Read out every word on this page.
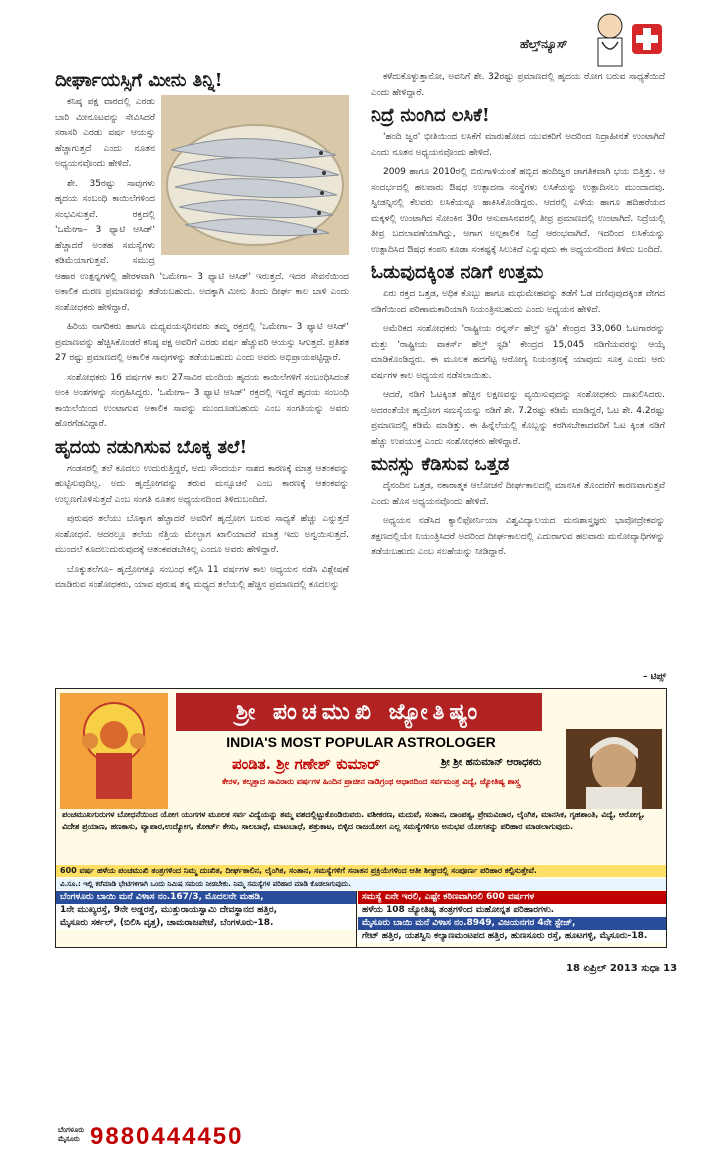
ಹೆಲ್ತ್‌ನ್ಯೂಸ್
ದೀರ್ಘಾಯಸ್ಸಿಗೆ ಮೀನು ತಿನ್ನಿ!

ಕನಿಷ್ಠ ಪಕ್ಷ ವಾರದಲ್ಲಿ ಎರಡು ಬಾರಿ ಮೀನೂಟವನ್ನು ಸೇವಿಸಿದರೆ ಸರಾಸರಿ ಎರಡು ವರ್ಷ ಆಯಸ್ಸು ಹೆಚ್ಚಾಗುತ್ತದೆ ಎಂದು ನೂತನ ಅಧ್ಯಯನವೊಂದು ಹೇಳಿದೆ.

ಶೇ. 35ರಷ್ಟು ಸಾವುಗಳು ಹೃದಯ ಸಂಬಂಧಿ ಕಾಯಿಲೆಗಳಿಂದ ಸಂಭವಿಸುತ್ತವೆ. ರಕ್ತದಲ್ಲಿ 'ಒಮೇಗಾ– 3 ಫ್ಯಾಟಿ ಆಸಿಡ್' ಹೆಚ್ಚಾದರೆ ಅಂತಹ ಸಮಸ್ಯೆಗಳು ಕಡಿಮೆಯಾಗುತ್ತವೆ. ಸಮುದ್ರ ಆಹಾರ ಉತ್ಪನ್ನಗಳಲ್ಲಿ ಹೇರಳವಾಗಿ 'ಒಮೇಗಾ– 3 ಫ್ಯಾಟಿ ಆಸಿಡ್' ಇರುತ್ತದೆ. ಇದರ ಸೇವನೆಯಿಂದ ಅಕಾಲಿಕ ಮರಣ ಪ್ರಮಾಣವನ್ನು ತಡೆಯಬಹುದು. ಅದಕ್ಕಾಗಿ ಮೀನು ತಿಂದು ದೀರ್ಘ ಕಾಲ ಬಾಳಿ ಎಂದು ಸಂಶೋಧಕರು ಹೇಳಿದ್ದಾರೆ.

ಹಿರಿಯ ನಾಗರಿಕರು ಹಾಗೂ ಮಧ್ಯವಯಸ್ಕರಿನವರು ತಮ್ಮ ರಕ್ತದಲ್ಲಿ 'ಒಮೇಗಾ– 3 ಫ್ಯಾಟಿ ಆಸಿಡ್' ಪ್ರಮಾಣವನ್ನು ಹೆಚ್ಚಿಸಿಕೊಂಡರೆ ಕನಿಷ್ಠ ಪಕ್ಷ ಅವರಿಗೆ ಎರಡು ವರ್ಷ ಹೆಚ್ಚುವರಿ ಆಯಸ್ಸು ಸಿಗುತ್ತದೆ. ಪ್ರತಿಶತ 27 ರಷ್ಟು ಪ್ರಮಾಣದಲ್ಲಿ ಅಕಾಲಿಕ ಸಾವುಗಳನ್ನು ತಡೆಯಬಹುದು ಎಂದು ಅವರು ಅಭಿಪ್ರಾಯಪಟ್ಟಿದ್ದಾರೆ.

ಸಂಶೋಧಕರು 16 ವರ್ಷಗಳ ಕಾಲ 27ಸಾವಿರ ಮಂದಿಯ ಹೃದಯ ಕಾಯಿಲೆಗಳಿಗೆ ಸಂಬಂಧಿಸಿದಂತೆ ಅಂಕಿ ಅಂಶಗಳನ್ನು ಸಂಗ್ರಹಿಸಿದ್ದರು. 'ಒಮೇಗಾ– 3 ಫ್ಯಾಟಿ ಆಸಿಡ್' ರಕ್ತದಲ್ಲಿ ಇದ್ದರೆ ಹೃದಯ ಸಂಬಂಧಿ ಕಾಯಿಲೆಯಿಂದ ಉಂಟಾಗುವ ಅಕಾಲಿಕ ಸಾವನ್ನು ಮುಂದೂಡಬಹುದು ಎಂಬ ಸಂಗತಿಯನ್ನು ಅವರು ಹೊರಗೆಡವಿದ್ದಾರೆ.

ಹೃದಯ ನಡುಗಿಸುವ ಬೊಕ್ಕ ತಲೆ!

ಗಂಡಸರಲ್ಲಿ ತಲೆ ಕೂದಲು ಉದುರುತ್ತಿದ್ದರೆ, ಅದು ಸೌಂದರ್ಯ ನಾಶದ ಕಾರಣಕ್ಕೆ ಮಾತ್ರ ಆತಂಕವನ್ನು ಹುಟ್ಟಿಸುವುದಿಲ್ಲ. ಅದು ಹೃದ್ರೋಗವನ್ನು ತರುವ ಮನ್ಸೂಚನೆ ಎಂಬ ಕಾರಣಕ್ಕೆ ಆತಂಕವನ್ನು ಉಲ್ಬಣಗೊಳಿಸುತ್ತದೆ ಎಂಬ ಸಂಗತಿ ನೂತನ ಅಧ್ಯಯನದಿಂದ ತಿಳಿದುಬಂದಿದೆ.

ಪುರುಷರ ತಲೆಯು ಬೊಕ್ಕಾಗ ಹೆಚ್ಚಾದರೆ ಅವರಿಗೆ ಹೃದ್ರೋಗ ಬರುವ ಸಾಧ್ಯತೆ ಹೆಚ್ಚು ಎನ್ನುತ್ತದೆ ಸಂಶೋಧನೆ. ಆದರಲ್ಲೂ ತಲೆಯ ನೆತ್ತಿಯ ಮೇಲ್ಭಾಗ ಖಾಲಿಯಾದರೆ ಮಾತ್ರ ಇದು ಅನ್ವಯಿಸುತ್ತದೆ. ಮುಂದಲೆ ಕೂದಲುದುರುವುದಕ್ಕೆ ಆತಂಕಪಡಬೇಕಿಲ್ಲ ಎಂದೂ ಅವರು ಹೇಳಿದ್ದಾರೆ.

ಬೊಕ್ಕುತಲೆಗೂ– ಹೃದ್ರೋಗಕ್ಕೂ ಸಂಬಂಧ ಕಲ್ಪಿಸಿ 11 ವರ್ಷಗಳ ಕಾಲ ಅಧ್ಯಯನ ನಡೆಸಿ ವಿಶ್ಲೇಷಣೆ ಮಾಡಿರುವ ಸಂಶೋಧಕರು, ಯಾವ ಪುರುಷ ತನ್ನ ಮಧ್ಯದ ತಲೆಯಲ್ಲಿ ಹೆಚ್ಚಿನ ಪ್ರಮಾಣದಲ್ಲಿ ಕೂದಲನ್ನು

ಕಳೆದುಕೊಳ್ಳುತ್ತಾನೋ, ಅವನಿಗೆ ಶೇ. 32ರಷ್ಟು ಪ್ರಮಾಣದಲ್ಲಿ ಹೃದಯ ರೋಗ ಬರುವ ಸಾಧ್ಯತೆಯಿದೆ ಎಂದು ಹೇಳಿದ್ದಾರೆ.

ನಿದ್ರೆ ನುಂಗಿದ ಲಸಿಕೆ!

'ಹಂದಿ ಜ್ವರ' ಭೀತಿಯಿಂದ ಲಸಿಕೆಗೆ ಮಾರುಹೋದ ಯುವಕರಿಗೆ ಅದರಿಂದ ನಿದ್ರಾಹೀನತೆ ಉಂಟಾಗಿದೆ ಎಂದು ನೂತನ ಅಧ್ಯಯನವೊಂದು ಹೇಳಿದೆ.

2009 ಹಾಗೂ 2010ರಲ್ಲಿ ಬಿರುಗಾಳಿಯಂತೆ ಹಬ್ಬಿದ ಹಂದಿಜ್ವರ ಜಾಗತಿಕವಾಗಿ ಭಯ ಬಿತ್ತಿತ್ತು. ಆ ಸಂದರ್ಭದಲ್ಲಿ ಹಲವಾರು ಔಷಧ ಉತ್ಪಾದನಾ ಸಂಸ್ಥೆಗಳು ಲಸಿಕೆಯನ್ನು ಉತ್ಪಾದಿಸಲು ಮುಂದಾದವು. ಸ್ವೀಡನ್ನಿನಲ್ಲಿ ಕೆಲವರು ಲಸಿಕೆಯನ್ನೂ ಹಾಕಿಸಿಕೊಂಡಿದ್ದರು. ಆದರಲ್ಲಿ ಎಳೆಯ ಹಾಗೂ ಹದಿಹರೆಯದ ಮಕ್ಕಳಲ್ಲಿ ಉಂಟಾಗಿದ ಸೋಂಕಿನ 30ರ ಆಸುಪಾಸಿನವರಲ್ಲಿ ತೀವ್ರ ಪ್ರಮಾಣದಲ್ಲಿ ಉಂಟಾಗಿದೆ. ನಿದ್ರೆಯಲ್ಲಿ ತೀವ್ರ ಬದಲಾವಣೆಯಾಗಿದ್ದು, ಆಗಾಗ ಅಲ್ಪಕಾಲಿಕ ನಿದ್ರೆ ಆರಂಭವಾಗಿದೆ. ಇದರಿಂದ ಲಸಿಕೆಯನ್ನು ಉತ್ಪಾದಿಸಿದ ಔಷಧ ಕಂಪನಿ ಕೂಡಾ ಸಂಕಷ್ಟಕ್ಕೆ ಸಿಲುಕಿದೆ ಎನ್ನುವುದು ಈ ಅಧ್ಯಯನದಿಂದ ತಿಳಿದು ಬಂದಿದೆ.

ಓಡುವುದಕ್ಕಿಂತ ನಡಿಗೆ ಉತ್ತಮ

ಏರು ರಕ್ತದ ಒತ್ತಡ, ಅಧಿಕ ಕೊಬ್ಬು ಹಾಗೂ ಮಧುಮೇಹವನ್ನು ತಡೆಗೆ ಓಡ ದಣಿವುವುದಕ್ಕಿಂತ ವೇಗದ ನಡಿಗೆಯಿಂದ ಪರಿಣಾಮಕಾರಿಯಾಗಿ ನಿಯಂತ್ರಿಸಬಹುದು ಎಂದು ಅಧ್ಯಯನ ಹೇಳಿದೆ.

ಅಮೆರಿಕದ ಸಂಶೋಧಕರು 'ರಾಷ್ಟ್ರೀಯ ರನ್ನರ್ಸ್ ಹೆಲ್ತ್ ಸ್ಟಡಿ' ಕೇಂದ್ರದ 33,060 ಓಟಗಾರರನ್ನು ಮತ್ತು 'ರಾಷ್ಟ್ರೀಯ ವಾಕರ್ಸ್ ಹೆಲ್ತ್ ಸ್ಟಡಿ' ಕೇಂದ್ರದ 15,045 ನಡಿಗೆಯವರನ್ನು ಆಯ್ಕೆ ಮಾಡಿಕೊಂಡಿದ್ದರು. ಈ ಮೂಲಕ ಹದಗೆಟ್ಟ ಆರೋಗ್ಯ ನಿಯಂತ್ರಣಕ್ಕೆ ಯಾವುದು ಸೂಕ್ತ ಎಂದು ಆರು ವರ್ಷಗಳ ಕಾಲ ಅಧ್ಯಯನ ನಡೆಸಲಾಯಿತು.

ಆದರೆ, ನಡಿಗೆ ಓಟಕ್ಕಿಂತ ಹೆಚ್ಚಿನ ಲಕ್ಷಣವನ್ನು ವ್ಯಯಿಸುವುದನ್ನು ಸಂಶೋಧಕರು ದಾಖಲಿಸಿದರು. ಅದರಂತೆಯೇ ಹೃದ್ರೋಗ ಸಮಸ್ಯೆಯನ್ನು ನಡಿಗೆ ಶೇ. 7.2ರಷ್ಟು ಕಡಿಮೆ ಮಾಡಿದ್ದರೆ, ಓಟ ಶೇ. 4.2ರಷ್ಟು ಪ್ರಮಾಣದಲ್ಲಿ ಕಡಿಮೆ ಮಾಡಿತ್ತು. ಈ ಹಿನ್ನೆಲೆಯಲ್ಲಿ ಕೊಬ್ಬನ್ನು ಕರಗಿಸಬೇಕಾದವರಿಗೆ ಓಟ ಕ್ಕಿಂತ ನಡಿಗೆ ಹೆಚ್ಚು ಉಪಯುಕ್ತ ಎಂದು ಸಂಶೋಧಕರು ಹೇಳಿದ್ದಾರೆ.

ಮನಸ್ಸು ಕೆಡಿಸುವ ಒತ್ತಡ

ದೈನಂದಿನ ಒತ್ತಡ, ನಕಾರಾತ್ಮಕ ಆಲೋಚನೆ ದೀರ್ಘಕಾಲದಲ್ಲಿ ಮಾನಸಿಕ ತೊಂದರೆಗೆ ಕಾರಣವಾಗುತ್ತವೆ ಎಂದು ಹೊಸ ಅಧ್ಯಯನವೊಂದು ಹೇಳಿದೆ.

ಅಧ್ಯಯನ ನಡೆಸಿದ ಕ್ಯಾಲಿಫೋರ್ನಿಯಾ ವಿಶ್ವವಿದ್ಯಾಲಯದ ಮನಃಶಾಸ್ತ್ರಜ್ಞರು ಭಾವೋದ್ರೇಕವನ್ನು ತಕ್ಷಣದಲ್ಲಿಯೇ ನಿಯಂತ್ರಿಸಿದರೆ ಅದರಿಂದ ದೀರ್ಘಕಾಲದಲ್ಲಿ ಎದುರಾಗುವ ಹಲವಾರು ಮನೋವ್ಯಾಧಿಗಳನ್ನು ತಡೆಯಬಹುದು ಎಂಬ ಸಲಹೆಯನ್ನು ನೀಡಿದ್ದಾರೆ.

– ಟಿಪ್ಸ್
ಶ್ರೀ ಪಂಚಮುಖಿ ಜ್ಯೋತಿಷ್ಯಂ
INDIA'S MOST POPULAR ASTROLOGER
ಪಂಡಿತ. ಶ್ರೀ ಗಣೇಶ್ ಕುಮಾರ್	ಶ್ರೀ ಶ್ರೀ ಹನುಮಾನ್ ಆರಾಧಕರು
ಕೇರಳ, ಕಲ್ಕತ್ತಾದ ಸಾವಿರಾರು ವರ್ಷಗಳ ಹಿಂದಿನ ಪ್ರಾಚೀನ ನಾಡಿಗ್ರಂಥ ಆಧಾರದಿಂದ ಸರ್ವಮಂತ್ರ ವಿದ್ಯೆ, ಜ್ಯೋತಿಷ್ಯ ಶಾಸ್ತ್ರ
ಪಂಚಮುಖಗುರುಗಳ ಬೋಧನೆಯಿಂದ ಯೋಗ ಯುಗಗಳ ಮೂಲಕ ಸರ್ವ ವಿದ್ಯೆಯನ್ನು ತಮ್ಮ ವಶದಲ್ಲಿಟ್ಟುಕೊಂಡಿರುವರು. ವಶೀಕರಣ, ಮದುವೆ, ಸಂತಾನ, ದಾಂಪತ್ಯ, ಪ್ರೇಮವಿಚಾರ, ಲೈಂಗಿಕ, ಮಾನಸಿಕ, ಗೃಹಶಾಂತಿ, ವಿದ್ಯೆ, ಆರೋಗ್ಯ, ವಿದೇಶ ಪ್ರಯಾಣ, ಹಣಕಾಸು, ವ್ಯಾಪಾರ,ಉದ್ಯೋಗ, ಕೋರ್ಟ್ ಕೇಸು, ಸಾಲಬಾಧೆ, ಮಾಟಬಾಧೆ, ಶತ್ರುಕಾಟ, ಬಿಳ್ಳಿದ ರಾಜಯೋಗ ಎಲ್ಲ ಸಮಸ್ಯೆಗಳಿಗೂ ಅನುಭವ ಯೋಗತನ್ನು ಪರಿಹಾರ ಮಾಡಲಾಗುವುದು.
600 ವರ್ಷ ಹಳೆಯ ಪಂಚಮುಖಿ ತಂತ್ರಗಳಿಂದ ನಿಮ್ಮ ದುಃಖಿತ, ದೀರ್ಘಕಾಲಿನ, ಲೈಂಗಿಕ, ಸಂತಾನ, ಸಮಸ್ಯೆಗಳಿಗೆ ಸನಾತನ ಪ್ರಕ್ರಿಯೆಗಳಿಂದ ಆತೀ ಶೀಘ್ರದಲ್ಲಿ ಸಂಪೂರ್ಣ ಪರಿಹಾರ ಕಲ್ಪಿಸುತ್ತೇವೆ.
ವಿ.ಸೂ.: ಇಲ್ಲಿ ಕರೆಮಾಡಿ ಭೇಟಿಗಳಿಗಾಗಿ ಒಂದು ನಿಮಿಷ ಸಮಯ ನೀಡಬೇಕು. ನಿಮ್ಮ ಸಮಸ್ಯೆಗಳ ಪರಿಹಾರ ಮಾಡಿ ಕೊಡಲಾಗುವುದು.
ಬೆಂಗಳೂರು ಬಾಯಿ ಮನೆ ವಿಳಾಸ ನಂ.167/3, ಮೊದಲನೇ ಮಹಡಿ,
1ನೇ ಮುಖ್ಯರಸ್ತೆ, 9ನೇ ಅಡ್ಡರಸ್ತೆ, ಮುತ್ತುರಾಯಸ್ವಾಮಿ ದೇವಸ್ಥಾನದ ಹತ್ತಿರ,
ಮೈಸೂರು ಸರ್ಕಲ್, (ಬಿಲಿಸಿ ವೃತ್ತ), ಚಾಮರಾಜಪೇಟೆ, ಬೆಂಗಳೂರು-18.
ಬೆಂಗಳೂರು ಮೈಸೂರು 9880444450
ಸಮಸ್ಯೆ ಏನೇ ಇರಲಿ, ಎಷ್ಟೇ ಕಠಿಣವಾಗಿರಲಿ 600 ವರ್ಷಗಳ
ಹಳೆಯ 108 ಜ್ಯೋತಿಷ್ಯ ತಂತ್ರಗಳಿಂದ ಮಹೋನ್ನತ ಪರಿಹಾರಗಳು.
ಮೈಸೂರು ಬಾಯಿ ಮನೆ ವಿಳಾಸ ನಂ.8949, ವಿಜಯನಗರ 4ನೇ ಸ್ಟೇಜ್,
ಗೇಟ್ ಹತ್ತಿರ, ಯಶಸ್ವಿನಿ ಕಲ್ಯಾಣಮಂಟಪದ ಹತ್ತಿರ, ಹುಣಸೂರು ರಸ್ತೆ, ಹೂಟಗಳ್ಳಿ, ಮೈಸೂರು-18.
18 ಏಪ್ರಿಲ್ 2013 ಸುಧಾ 13
